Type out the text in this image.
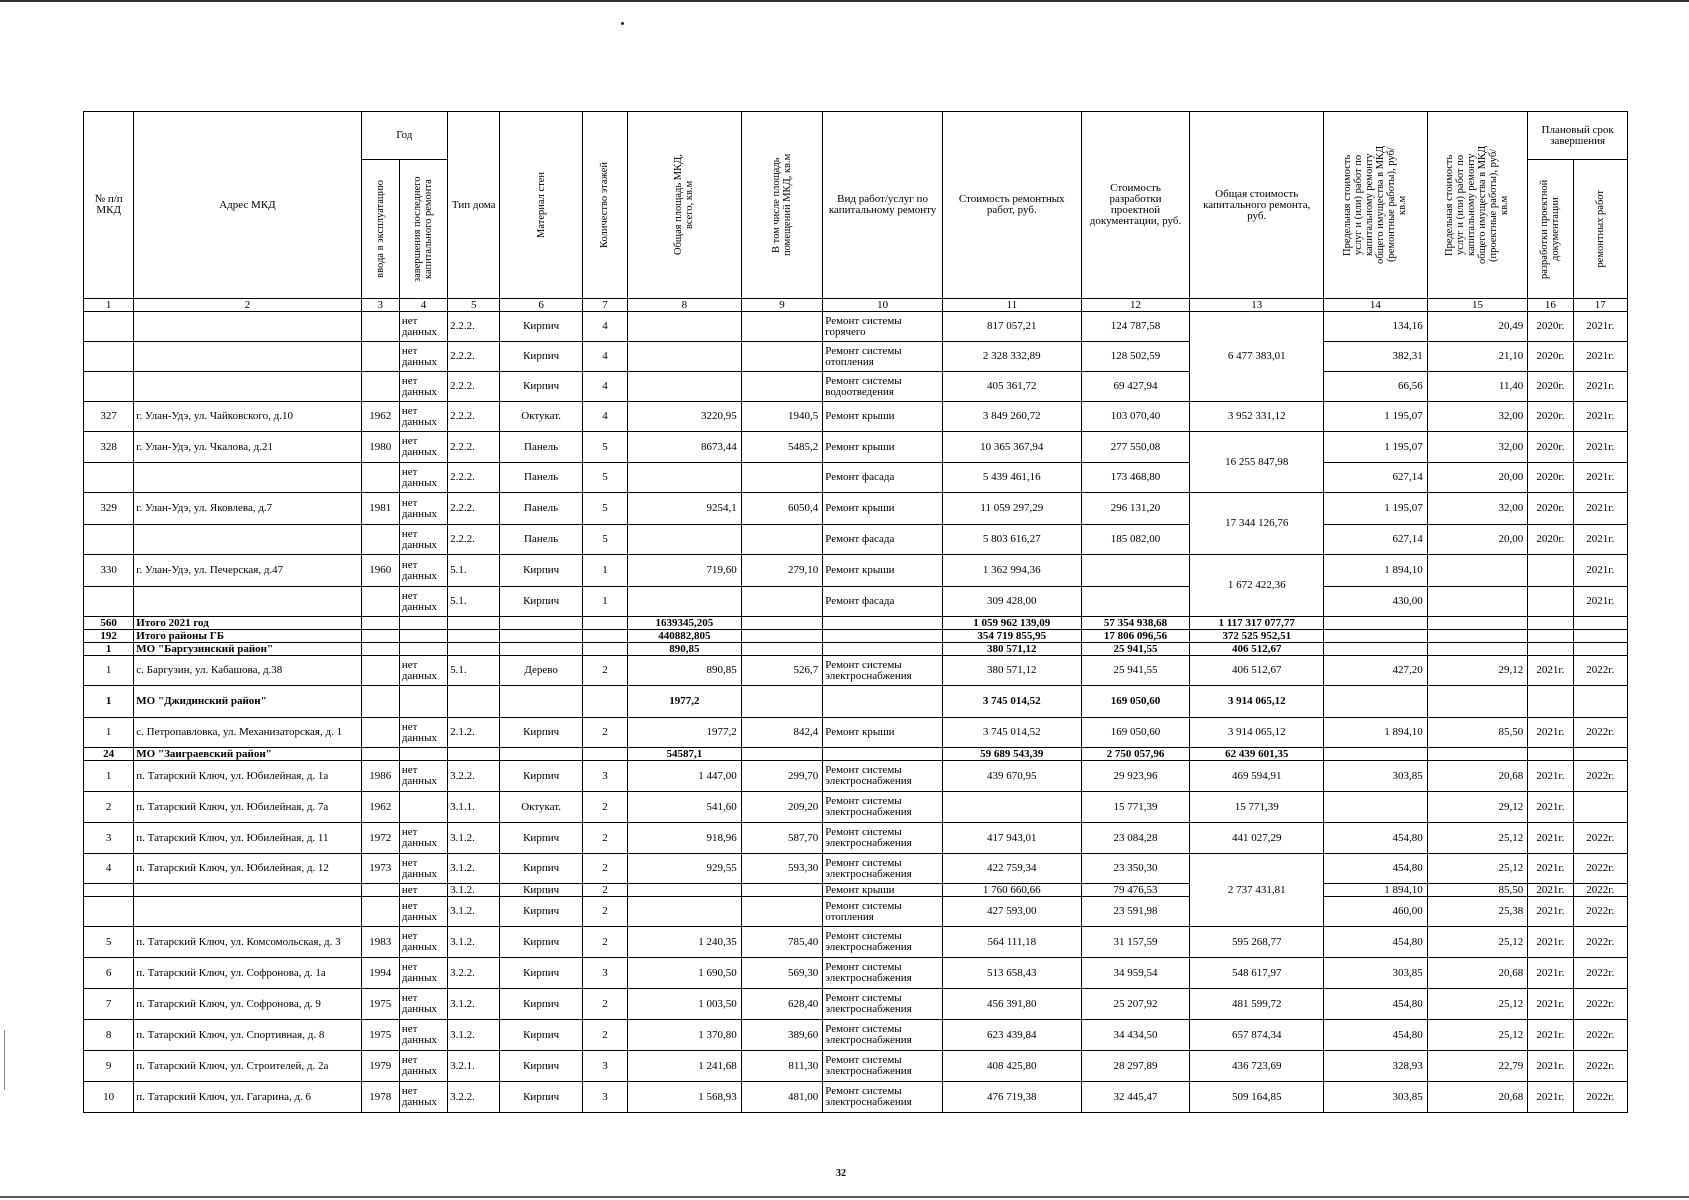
№ п/п МКД	Адрес МКД	Год		Тип дома	Материал стен	Количество этажей	Общая площадь МКД, всего, кв.м	В том числе площадь помещений МКД, кв.м	Вид работ/услуг по капитальному ремонту	Стоимость ремонтных работ, руб.	Стоимость разработки проектной документации, руб.	Общая стоимость капитального ремонта, руб.	Предельная стоимость услуг и (или) работ по капитальному ремонту общего имущества в МКД (ремонтные работы), руб/кв.м	Предельная стоимость услуг и (или) работ по капитальному ремонту общего имущества в МКД (проектные работы), руб/кв.м	Плановый срок завершения	

		ввода в эксплуатацию	завершения последнего капитального ремонта												разработки проектной документации	ремонтных работ

1	2	3	4	5	6	7	8	9	10	11	12	13	14	15	16	17
			нет данных	2.2.2.	Кирпич	4			Ремонт системы горячего	817 057,21	124 787,58	6 477 383,01	134,16	20,49	2020г.	2021г.
			нет данных	2.2.2.	Кирпич	4			Ремонт системы отопления	2 328 332,89	128 502,59		382,31	21,10	2020г.	2021г.
			нет данных	2.2.2.	Кирпич	4			Ремонт системы водоотведения	405 361,72	69 427,94		66,56	11,40	2020г.	2021г.
327	г. Улан-Удэ, ул. Чайковского, д.10	1962	нет данных	2.2.2.	Октукат.	4	3220,95	1940,5	Ремонт крыши	3 849 260,72	103 070,40	3 952 331,12	1 195,07	32,00	2020г.	2021г.
328	г. Улан-Удэ, ул. Чкалова, д.21	1980	нет данных	2.2.2.	Панель	5	8673,44	5485,2	Ремонт крыши	10 365 367,94	277 550,08	16 255 847,98	1 195,07	32,00	2020г.	2021г.
			нет данных	2.2.2.	Панель	5			Ремонт фасада	5 439 461,16	173 468,80		627,14	20,00	2020г.	2021г.
329	г. Улан-Удэ, ул. Яковлева, д.7	1981	нет данных	2.2.2.	Панель	5	9254,1	6050,4	Ремонт крыши	11 059 297,29	296 131,20	17 344 126,76	1 195,07	32,00	2020г.	2021г.
			нет данных	2.2.2.	Панель	5			Ремонт фасада	5 803 616,27	185 082,00		627,14	20,00	2020г.	2021г.
330	г. Улан-Удэ, ул. Печерская, д.47	1960	нет данных	5.1.	Кирпич	1	719,60	279,10	Ремонт крыши	1 362 994,36		1 672 422,36	1 894,10			2021г.
			нет данных	5.1.	Кирпич	1			Ремонт фасада	309 428,00			430,00			2021г.
560	Итого 2021 год						1639345,205			1 059 962 139,09	57 354 938,68	1 117 317 077,77				
192	Итого районы ГБ						440882,805			354 719 855,95	17 806 096,56	372 525 952,51				
1	МО "Баргузинский район"						890,85			380 571,12	25 941,55	406 512,67				
1	с. Баргузин, ул. Кабашова, д.38		нет данных	5.1.	Дерево	2	890,85	526,7	Ремонт системы электроснабжения	380 571,12	25 941,55	406 512,67	427,20	29,12	2021г.	2022г.
1	МО "Джидинский район"						1977,2			3 745 014,52	169 050,60	3 914 065,12				
1	с. Петропавловка, ул. Механизаторская, д. 1		нет данных	2.1.2.	Кирпич	2	1977,2	842,4	Ремонт крыши	3 745 014,52	169 050,60	3 914 065,12	1 894,10	85,50	2021г.	2022г.
24	МО "Заиграевский район"						54587,1			59 689 543,39	2 750 057,96	62 439 601,35				
1	п. Татарский Ключ, ул. Юбилейная, д. 1а	1986	нет данных	3.2.2.	Кирпич	3	1 447,00	299,70	Ремонт системы электроснабжения	439 670,95	29 923,96	469 594,91	303,85	20,68	2021г.	2022г.
2	п. Татарский Ключ, ул. Юбилейная, д. 7а	1962		3.1.1.	Октукат.	2	541,60	209,20	Ремонт системы электроснабжения		15 771,39	15 771,39		29,12	2021г.	
3	п. Татарский Ключ, ул. Юбилейная, д. 11	1972	нет данных	3.1.2.	Кирпич	2	918,96	587,70	Ремонт системы электроснабжения	417 943,01	23 084,28	441 027,29	454,80	25,12	2021г.	2022г.
4	п. Татарский Ключ, ул. Юбилейная, д. 12	1973	нет данных	3.1.2.	Кирпич	2	929,55	593,30	Ремонт системы электроснабжения	422 759,34	23 350,30	2 737 431,81	454,80	25,12	2021г.	2022г.
			нет	3.1.2.	Кирпич	2			Ремонт крыши	1 760 660,66	79 476,53		1 894,10	85,50	2021г.	2022г.
			нет данных	3.1.2.	Кирпич	2			Ремонт системы отопления	427 593,00	23 591,98		460,00	25,38	2021г.	2022г.
5	п. Татарский Ключ, ул. Комсомольская, д. 3	1983	нет данных	3.1.2.	Кирпич	2	1 240,35	785,40	Ремонт системы электроснабжения	564 111,18	31 157,59	595 268,77	454,80	25,12	2021г.	2022г.
6	п. Татарский Ключ, ул. Софронова, д. 1а	1994	нет данных	3.2.2.	Кирпич	3	1 690,50	569,30	Ремонт системы электроснабжения	513 658,43	34 959,54	548 617,97	303,85	20,68	2021г.	2022г.
7	п. Татарский Ключ, ул. Софронова, д. 9	1975	нет данных	3.1.2.	Кирпич	2	1 003,50	628,40	Ремонт системы электроснабжения	456 391,80	25 207,92	481 599,72	454,80	25,12	2021г.	2022г.
8	п. Татарский Ключ, ул. Спортивная, д. 8	1975	нет данных	3.1.2.	Кирпич	2	1 370,80	389,60	Ремонт системы электроснабжения	623 439,84	34 434,50	657 874,34	454,80	25,12	2021г.	2022г.
9	п. Татарский Ключ, ул. Строителей, д. 2а	1979	нет данных	3.2.1.	Кирпич	3	1 241,68	811,30	Ремонт системы электроснабжения	408 425,80	28 297,89	436 723,69	328,93	22,79	2021г.	2022г.
10	п. Татарский Ключ, ул. Гагарина, д. 6	1978	нет данных	3.2.2.	Кирпич	3	1 568,93	481,00	Ремонт системы электроснабжения	476 719,38	32 445,47	509 164,85	303,85	20,68	2021г.	2022г.
32
